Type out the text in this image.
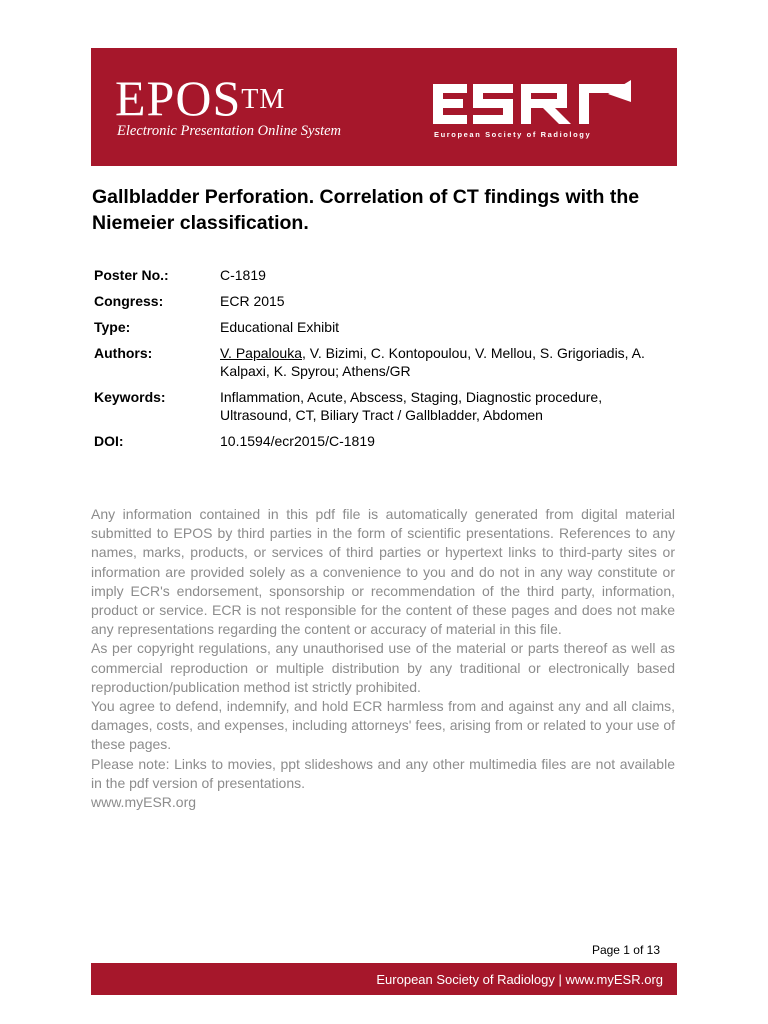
EPOS™
Electronic Presentation Online System	European Society of Radiology
Gallbladder Perforation. Correlation of CT findings with the Niemeier classification.
Poster No.:	C-1819
Congress:	ECR 2015
Type:	Educational Exhibit
Authors:	V. Papalouka, V. Bizimi, C. Kontopoulou, V. Mellou, S. Grigoriadis, A. Kalpaxi, K. Spyrou; Athens/GR
Keywords:	Inflammation, Acute, Abscess, Staging, Diagnostic procedure, Ultrasound, CT, Biliary Tract / Gallbladder, Abdomen
DOI:	10.1594/ecr2015/C-1819

Any information contained in this pdf file is automatically generated from digital material submitted to EPOS by third parties in the form of scientific presentations. References to any names, marks, products, or services of third parties or hypertext links to third-party sites or information are provided solely as a convenience to you and do not in any way constitute or imply ECR's endorsement, sponsorship or recommendation of the third party, information, product or service. ECR is not responsible for the content of these pages and does not make any representations regarding the content or accuracy of material in this file.

As per copyright regulations, any unauthorised use of the material or parts thereof as well as commercial reproduction or multiple distribution by any traditional or electronically based reproduction/publication method ist strictly prohibited.

You agree to defend, indemnify, and hold ECR harmless from and against any and all claims, damages, costs, and expenses, including attorneys' fees, arising from or related to your use of these pages.

Please note: Links to movies, ppt slideshows and any other multimedia files are not available in the pdf version of presentations.

www.myESR.org

Page 1 of 13
European Society of Radiology | www.myESR.org
